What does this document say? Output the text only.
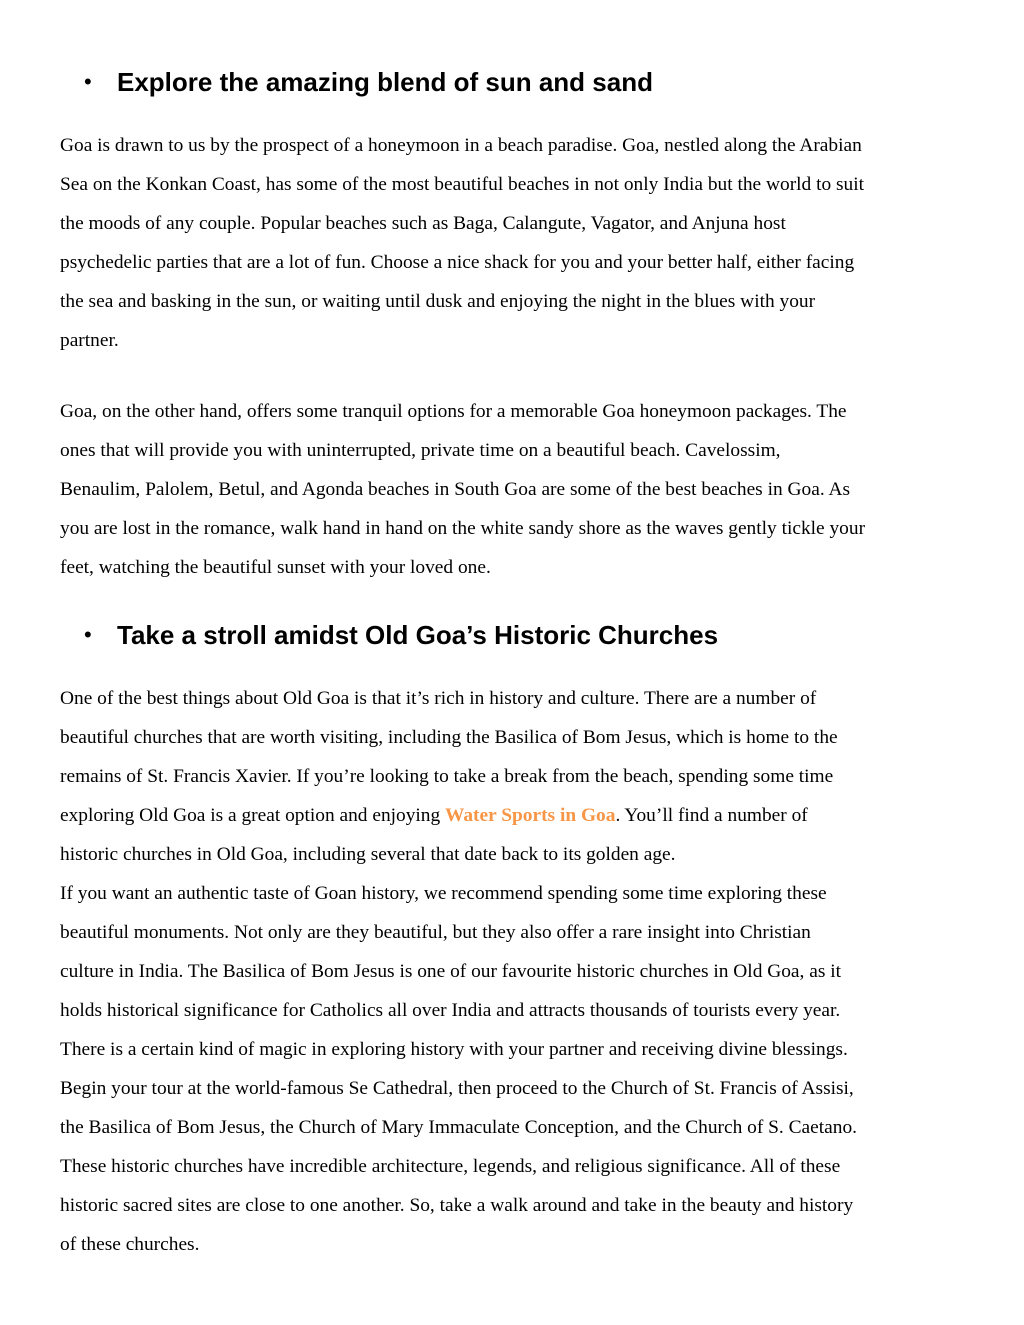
• Explore the amazing blend of sun and sand
Goa is drawn to us by the prospect of a honeymoon in a beach paradise. Goa, nestled along the Arabian
Sea on the Konkan Coast, has some of the most beautiful beaches in not only India but the world to suit
the moods of any couple. Popular beaches such as Baga, Calangute, Vagator, and Anjuna host
psychedelic parties that are a lot of fun. Choose a nice shack for you and your better half, either facing
the sea and basking in the sun, or waiting until dusk and enjoying the night in the blues with your
partner.
Goa, on the other hand, offers some tranquil options for a memorable Goa honeymoon packages. The
ones that will provide you with uninterrupted, private time on a beautiful beach. Cavelossim,
Benaulim, Palolem, Betul, and Agonda beaches in South Goa are some of the best beaches in Goa. As
you are lost in the romance, walk hand in hand on the white sandy shore as the waves gently tickle your
feet, watching the beautiful sunset with your loved one.
• Take a stroll amidst Old Goa’s Historic Churches
One of the best things about Old Goa is that it’s rich in history and culture. There are a number of
beautiful churches that are worth visiting, including the Basilica of Bom Jesus, which is home to the
remains of St. Francis Xavier. If you’re looking to take a break from the beach, spending some time
exploring Old Goa is a great option and enjoying Water Sports in Goa. You’ll find a number of
historic churches in Old Goa, including several that date back to its golden age.
If you want an authentic taste of Goan history, we recommend spending some time exploring these
beautiful monuments. Not only are they beautiful, but they also offer a rare insight into Christian
culture in India. The Basilica of Bom Jesus is one of our favourite historic churches in Old Goa, as it
holds historical significance for Catholics all over India and attracts thousands of tourists every year.
There is a certain kind of magic in exploring history with your partner and receiving divine blessings.
Begin your tour at the world-famous Se Cathedral, then proceed to the Church of St. Francis of Assisi,
the Basilica of Bom Jesus, the Church of Mary Immaculate Conception, and the Church of S. Caetano.
These historic churches have incredible architecture, legends, and religious significance. All of these
historic sacred sites are close to one another. So, take a walk around and take in the beauty and history
of these churches.
